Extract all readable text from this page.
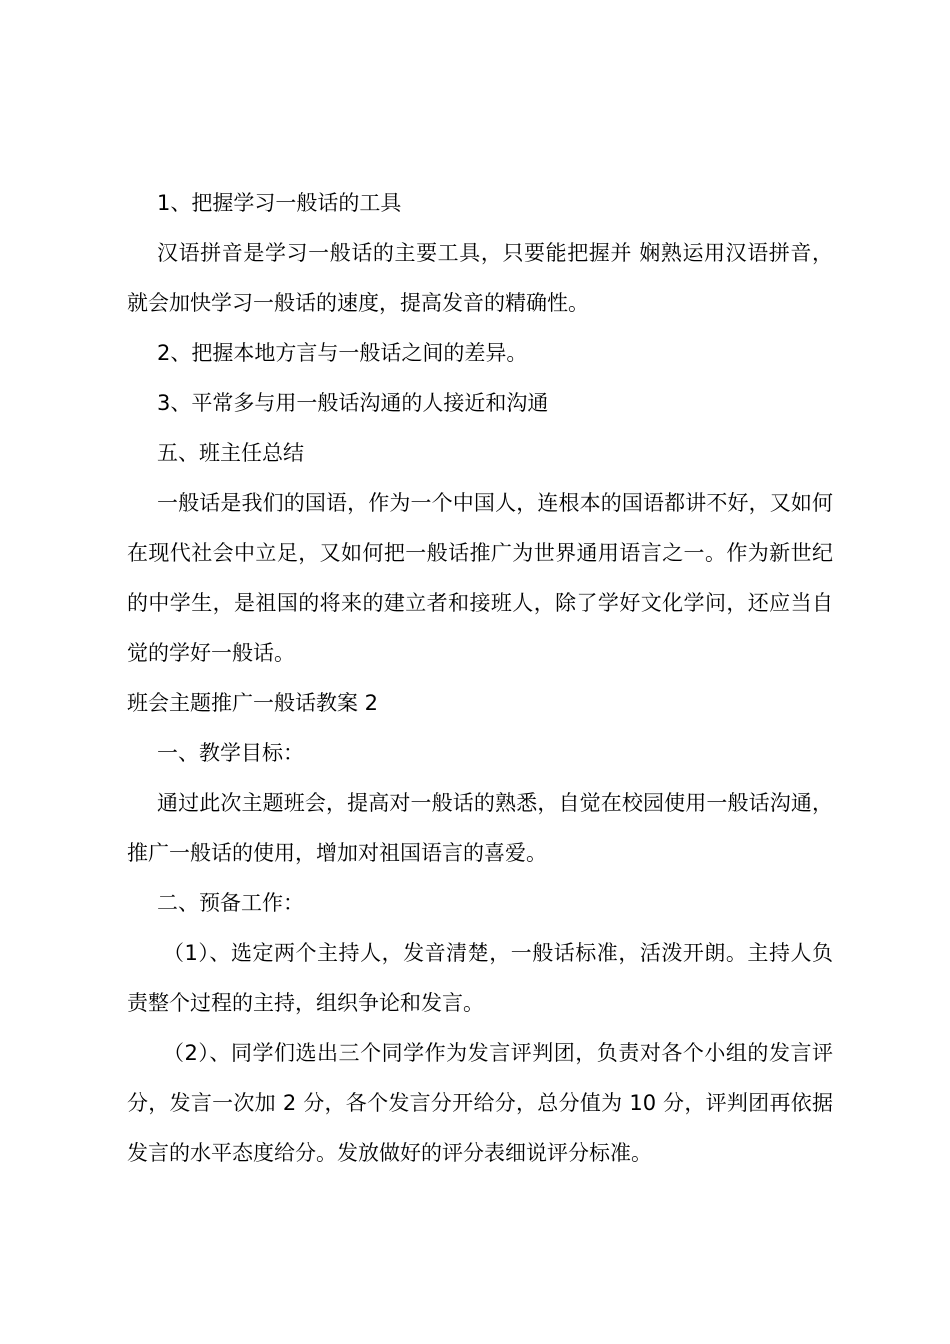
1、把握学习一般话的工具

汉语拼音是学习一般话的主要工具，只要能把握并 娴熟运用汉语拼音，就会加快学习一般话的速度，提高发音的精确性。

2、把握本地方言与一般话之间的差异。

3、平常多与用一般话沟通的人接近和沟通

五、班主任总结

一般话是我们的国语，作为一个中国人，连根本的国语都讲不好，又如何在现代社会中立足，又如何把一般话推广为世界通用语言之一。作为新世纪的中学生，是祖国的将来的建立者和接班人，除了学好文化学问，还应当自觉的学好一般话。

班会主题推广一般话教案 2

一、教学目标：

通过此次主题班会，提高对一般话的熟悉，自觉在校园使用一般话沟通，推广一般话的使用，增加对祖国语言的喜爱。

二、预备工作：

（1）、选定两个主持人，发音清楚，一般话标准，活泼开朗。主持人负责整个过程的主持，组织争论和发言。

（2）、同学们选出三个同学作为发言评判团，负责对各个小组的发言评分，发言一次加 2 分，各个发言分开给分，总分值为 10 分，评判团再依据发言的水平态度给分。发放做好的评分表细说评分标准。
